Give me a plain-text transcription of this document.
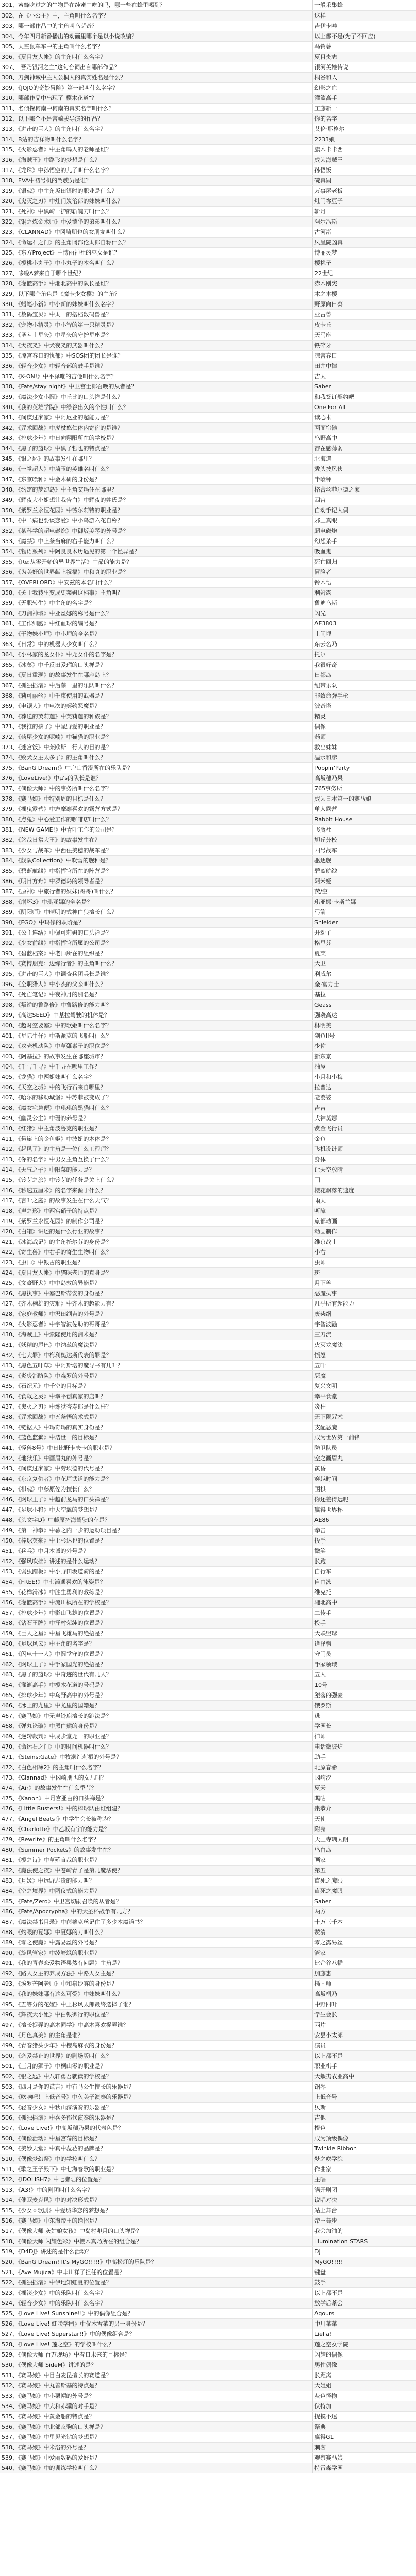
301、蜜蜂吃过之的生物是在纯蜜中吃的吗，哪一些在蜂里喝到？	一般采集蜂
302、在《小公主》中，主角叫什么名字？	这样
303、哪一部作品中的主角叫乌萨奇？	吉伊卡哇
304、今年四月新番播出的动画里哪个是以小说改编？	以上都不是(为了不回应)
305、天竺鼠车车中的主角叫什么名字？	马铃薯
306、《夏目友人帐》的主角叫什么名字？	夏目贵志
307、"吾乃银河之主"这句台词出自哪部作品？	银河英雄传说
308、刀剑神域中主人公桐人的真实姓名是什么？	桐谷和人
309、《JOJO的奇妙冒险》第一部叫什么名字？	幻影之血
310、哪部作品中出现了"樱木花道"？	灌篮高手
311、名侦探柯南中柯南的真实名字叫什么？	工藤新一
312、以下哪个不是宫崎骏导演的作品？	你的名字
313、《进击的巨人》的主角叫什么名字？	艾伦·耶格尔
314、B站的吉祥物叫什么名字？	2233娘
315、《火影忍者》中主角鸣人的老师是谁？	旗木卡卡西
316、《海贼王》中路飞的梦想是什么？	成为海贼王
317、《龙珠》中孙悟空的儿子叫什么名字？	孙悟饭
318、EVA中初号机的驾驶员是谁？	碇真嗣
319、《银魂》中主角坂田银时的职业是什么？	万事屋老板
320、《鬼灭之刃》中灶门炭治郎的妹妹叫什么？	灶门祢豆子
321、《死神》中黑崎一护的斩魄刀叫什么？	斩月
322、《钢之炼金术师》中爱德华的弟弟叫什么？	阿尔冯斯
323、《CLANNAD》中冈崎朋也的女朋友叫什么？	古河渚
324、《命运石之门》的主角冈部伦太郎自称什么？	凤凰院凶真
325、《东方Project》中博丽神社的巫女是谁？	博丽灵梦
326、《樱桃小丸子》中小丸子的本名叫什么？	樱桃子
327、哆啦A梦来自于哪个世纪？	22世纪
328、《灌篮高手》中湘北高中的队长是谁？	赤木刚宪
329、以下哪个角色是《魔卡少女樱》的主角？	木之本樱
330、《蜡笔小新》中小新的妹妹叫什么名字？	野原向日葵
331、《数码宝贝》中太一的搭档数码兽是？	亚古兽
332、《宠物小精灵》中小智的第一只精灵是？	皮卡丘
333、《圣斗士星矢》中星矢的守护星座是？	天马座
334、《犬夜叉》中犬夜叉的武器叫什么？	铁碎牙
335、《凉宫春日的忧郁》中SOS团的团长是谁？	凉宫春日
336、《轻音少女》中轻音部的鼓手是谁？	田井中律
337、《K-ON!》中平泽唯的吉他叫什么名字？	吉太
338、《Fate/stay night》中卫宫士郎召唤的从者是？	Saber
339、《魔法少女小圆》中丘比的口头禅是什么？	和我签订契约吧
340、《我的英雄学院》中绿谷出久的个性叫什么？	One For All
341、《间谍过家家》中阿尼亚的超能力是？	读心术
342、《咒术回战》中虎杖悠仁体内寄宿的是谁？	两面宿傩
343、《排球少年》中日向翔阳所在的学校是？	乌野高中
344、《黑子的篮球》中黑子哲也的特点是？	存在感薄弱
345、《银之匙》的故事发生在哪里？	北海道
346、《一拳超人》中埼玉的英雄名叫什么？	秃头披风侠
347、《东京喰种》中金木研的身份是？	半喰种
348、《约定的梦幻岛》中主角艾玛住在哪里？	格蕾丝菲尔德之家
349、《辉夜大小姐想让我告白》中辉夜的姓氏是？	四宫
350、《紫罗兰永恒花园》中薇尔莉特的职业是？	自动手记人偶
351、《中二病也要谈恋爱》中小鸟游六花自称？	邪王真眼
352、《某科学的超电磁炮》中御坂美琴的外号是？	超电磁炮
353、《魔禁》中上条当麻的右手能力叫什么？	幻想杀手
354、《物语系列》中阿良良木历遇见的第一个怪异是？	吸血鬼
355、《Re:从零开始的异世界生活》中昴的能力是？	死亡回归
356、《为美好的世界献上祝福》中和真的职业是？	冒险者
357、《OVERLORD》中安兹的本名叫什么？	铃木悟
358、《关于我转生变成史莱姆这档事》主角叫？	利姆露
359、《无职转生》中主角的名字是？	鲁迪乌斯
360、《刀剑神域》中亚丝娜的称号是什么？	闪光
361、《工作细胞》中红血球的编号是？	AE3803
362、《干物妹小埋》中小埋的全名是？	土间埋
363、《日常》中的机器人少女叫什么？	东云名乃
364、《小林家的龙女仆》中龙女仆的名字是？	托尔
365、《冰菓》中千反田爱瑠的口头禅是？	我很好奇
366、《夏日重现》的故事发生在哪座岛上？	日都岛
367、《孤独摇滚》中后藤一里的乐队叫什么？	纽带乐队
368、《莉可丽丝》中千束使用的武器是？	非致命弹手枪
369、《电锯人》中电次的契约恶魔是？	波奇塔
370、《葬送的芙莉莲》中芙莉莲的种族是？	精灵
371、《我推的孩子》中星野爱的职业是？	偶像
372、《药屋少女的呢喃》中猫猫的职业是？	药师
373、《迷宫饭》中莱欧斯一行人的目的是？	救出妹妹
374、《败犬女主太多了》的主角叫什么？	温水和彦
375、《BanG Dream!》中户山香澄所在的乐队是？	Poppin'Party
376、《LoveLive!》中μ's的队长是谁？	高坂穗乃果
377、《偶像大师》中的事务所叫什么名字？	765事务所
378、《赛马娘》中特别周的目标是什么？	成为日本第一的赛马娘
379、《摇曳露营》中志摩凛喜欢的露营方式是？	单人露营
380、《点兔》中心爱工作的咖啡店叫什么？	Rabbit House
381、《NEW GAME!》中青叶工作的公司是？	飞鹰社
382、《悠哉日常大王》的故事发生在？	旭丘分校
383、《少女与战车》中西住美穗的战车是？	四号战车
384、《舰队Collection》中吹雪的舰种是？	驱逐舰
385、《碧蓝航线》中指挥官所在的阵营是？	碧蓝航线
386、《明日方舟》中罗德岛的领导者是？	阿米娅
387、《原神》中旅行者的妹妹(哥哥)叫什么？	荧/空
388、《崩坏3》中琪亚娜的全名是？	琪亚娜·卡斯兰娜
389、《阴阳师》中晴明的式神白狼擅长什么？	弓箭
390、《FGO》中玛修的职阶是？	Shielder
391、《公主连结》中佩可莉姆的口头禅是？	开动了
392、《少女前线》中指挥官所属的公司是？	格里芬
393、《碧蓝档案》中老师所在的组织是？	夏莱
394、《赛博朋克：边缘行者》的主角叫什么？	大卫
395、《进击的巨人》中调查兵团兵长是谁？	利威尔
396、《全职猎人》中小杰的父亲叫什么？	金·富力士
397、《死亡笔记》中夜神月的别名是？	基拉
398、《叛逆的鲁路修》中鲁路修的能力叫？	Geass
399、《高达SEED》中基拉驾驶的机体是？	强袭高达
400、《超时空要塞》中的歌姬叫什么名字？	林明美
401、《星际牛仔》中斯派克的飞船叫什么？	剑鱼II号
402、《攻壳机动队》中草薙素子的职位是？	少佐
403、《阿基拉》的故事发生在哪座城市？	新东京
404、《千与千寻》中千寻在哪里工作？	油屋
405、《龙猫》中两姐妹叫什么名字？	小月和小梅
406、《天空之城》中的飞行石来自哪里？	拉普达
407、《哈尔的移动城堡》中苏菲被变成了？	老婆婆
408、《魔女宅急便》中琪琪的黑猫叫什么？	吉吉
409、《幽灵公主》中珊的养母是？	犬神莫娜
410、《红猪》中主角波鲁克的职业是？	赏金飞行员
411、《悬崖上的金鱼姬》中波妞的本体是？	金鱼
412、《起风了》的主角是一位什么工程师？	飞机设计师
413、《你的名字》中男女主角互换了什么？	身体
414、《天气之子》中阳菜的能力是？	让天空放晴
415、《铃芽之旅》中铃芽的任务是关上什么？	门
416、《秒速五厘米》的名字来源于什么？	樱花飘落的速度
417、《言叶之庭》的故事发生在什么天气？	雨天
418、《声之形》中西宫硝子的特点是？	听障
419、《紫罗兰永恒花园》的制作公司是？	京都动画
420、《白箱》讲述的是什么行业的故事？	动画制作
421、《冰海战记》的主角托尔芬的身份是？	维京战士
422、《寄生兽》中右手的寄生生物叫什么？	小右
423、《虫师》中银古的职业是？	虫师
424、《夏目友人帐》中猫咪老师的真身是？	斑
425、《文豪野犬》中中岛敦的异能是？	月下兽
426、《黑执事》中塞巴斯蒂安的身份是？	恶魔执事
427、《齐木楠雄的灾难》中齐木的超能力有？	几乎所有超能力
428、《家庭教师》中沢田纲吉的外号是？	废柴纲
429、《火影忍者》中宇智波佐助的哥哥是？	宇智波鼬
430、《海贼王》中索隆使用的剑术是？	三刀流
431、《妖精的尾巴》中纳兹的魔法是？	火灭龙魔法
432、《七大罪》中梅利奥达斯代表的罪是？	愤怒
433、《黑色五叶草》中阿斯塔的魔导书有几叶？	五叶
434、《炎炎消防队》中森罗的外号是？	恶魔
435、《石纪元》中千空的目标是？	复兴文明
436、《食戟之灵》中幸平创真家的店叫？	幸平食堂
437、《鬼灭之刃》中炼狱杏寿郎是什么柱？	炎柱
438、《咒术回战》中五条悟的术式是？	无下限咒术
439、《链锯人》中玛奇玛的真实身份是？	支配恶魔
440、《蓝色监狱》中洁世一的目标是？	成为世界第一前锋
441、《怪兽8号》中日比野卡夫卡的职业是？	防卫队员
442、《地狱乐》中画眉丸的外号是？	空之画眉丸
443、《间谍过家家》中劳埃德的代号是？	黄昏
444、《东京复仇者》中花垣武道的能力是？	穿越时间
445、《棋魂》中藤原佐为擅长什么？	围棋
446、《网球王子》中越前龙马的口头禅是？	你还差得远呢
447、《足球小将》中大空翼的梦想是？	赢得世界杯
448、《头文字D》中藤原拓海驾驶的车是？	AE86
449、《第一神拳》中幕之内一步的运动项目是？	拳击
450、《棒球英豪》中上杉达也的位置是？	投手
451、《乒乓》中月本诚的外号是？	微笑
452、《强风吹拂》讲述的是什么运动？	长跑
453、《弱虫踏板》中小野田坂道骑的是？	自行车
454、《FREE!》中七濑遥喜欢的泳姿是？	自由泳
455、《花样滑冰》中胜生勇利的教练是？	维克托
456、《灌篮高手》中流川枫所在的学校是？	湘北高中
457、《排球少年》中影山飞雄的位置是？	二传手
458、《钻石王牌》中泽村荣纯的位置是？	投手
459、《巨人之星》中星飞雄马的绝招是？	大联盟球
460、《足球风云》中主角的名字是？	逢泽驹
461、《闪电十一人》中圆堂守的位置是？	守门员
462、《网球王子》中手冢国光的绝招是？	手冢领域
463、《黑子的篮球》中奇迹的世代有几人？	五人
464、《灌篮高手》中樱木花道的号码是？	10号
465、《排球少年》中乌野高中的外号是？	堕落的强豪
466、《冰上的尤里》中尤里的国籍是？	俄罗斯
467、《赛马娘》中无声铃鹿擅长的跑法是？	逃
468、《弹丸论破》中黑白熊的身份是？	学园长
469、《逆转裁判》中成步堂龙一的职业是？	律师
470、《命运石之门》中的时间机器叫什么？	电话微波炉
471、《Steins;Gate》中牧濑红莉栖的外号是？	助手
472、《白色相簿2》的主角叫什么名字？	北原春希
473、《Clannad》中冈崎朋也的女儿叫？	冈崎汐
474、《Air》的故事发生在什么季节？	夏天
475、《Kanon》中月宫亚由的口头禅是？	呜咕
476、《Little Busters!》中的棒球队由谁组建？	棗恭介
477、《Angel Beats!》中学生会长被称为？	天使
478、《Charlotte》中乙坂有宇的能力是？	附身
479、《Rewrite》的主角叫什么名字？	天王寺瑚太朗
480、《Summer Pockets》的故事发生在？	鸟白岛
481、《樱之诗》中草薙直哉的职业是？	画家
482、《魔法使之夜》中苍崎青子是第几魔法使？	第五
483、《月姬》中远野志贵的能力叫？	直死之魔眼
484、《空之境界》中两仪式的能力是？	直死之魔眼
485、《Fate/Zero》中卫宫切嗣召唤的从者是？	Saber
486、《Fate/Apocrypha》中的大圣杯战争有几方？	两方
487、《魔法禁书目录》中茵蒂克丝记住了多少本魔道书？	十万三千本
488、《灼眼的夏娜》中夏娜的刀叫什么？	赞清
489、《零之使魔》中露易丝的外号是？	零之露易丝
490、《旋风管家》中绫崎飒的职业是？	管家
491、《我的青春恋爱物语果然有问题》主角是？	比企谷八幡
492、《路人女主的养成方法》中路人女主是？	加藤惠
493、《埃罗芒阿老师》中和泉纱雾的身份是？	插画师
494、《我的妹妹哪有这么可爱》中妹妹叫什么？	高坂桐乃
495、《五等分的花嫁》中上杉风太郎最终选择了谁？	中野四叶
496、《辉夜大小姐》中白银御行的职位是？	学生会长
497、《擅长捉弄的高木同学》中高木喜欢捉弄谁？	西片
498、《月色真美》的主角是谁？	安昙小太郎
499、《青春猪头少年》中樱岛麻衣的身份是？	演员
500、《恋爱禁止的世界》的剧场版叫什么？	以上都不是
501、《三月的狮子》中桐山零的职业是？	职业棋手
502、《银之匙》中八轩勇吾就读的学校是？	大蝦夷农业高中
503、《四月是你的谎言》中有马公生擅长的乐器是？	钢琴
504、《吹响吧！上低音号》中久美子演奏的乐器是？	上低音号
505、《轻音少女》中秋山澪演奏的乐器是？	贝斯
506、《孤独摇滚》中喜多郁代演奏的乐器是？	吉他
507、《Love Live!》中高坂穗乃果的代表色是？	橙色
508、《偶像活动》中星宫莓的目标是？	成为顶级偶像
509、《美妙天堂》中真中菈菈的品牌是？	Twinkle Ribbon
510、《偶像梦幻祭》中的学校叫什么？	梦之咲学院
511、《歌之王子殿下》中七海春歌的职业是？	作曲家
512、《IDOLiSH7》中七濑陆的位置是？	主唱
513、《A3!》中的剧团叫什么名字？	满开剧团
514、《催眠麦克风》中的对决形式是？	说唱对决
515、《少女☆歌剧》中爱城华恋的梦想是？	站上舞台
516、《赛马娘》中东海帝王的绝招是？	帝王舞步
517、《偶像大师 灰姑娘女孩》中岛村卯月的口头禅是？	我会加油的
518、《偶像大师 闪耀色彩》中樱木真乃所在的组合是？	illumination STARS
519、《D4DJ》讲述的是什么活动？	DJ
520、《BanG Dream! It's MyGO!!!!!》中高松灯的乐队是？	MyGO!!!!!
521、《Ave Mujica》中丰川祥子担任的位置是？	键盘
522、《孤独摇滚》中伊地知虹夏的位置是？	鼓手
523、《摇滚少女》中的乐队叫什么名字？	以上都不是
524、《轻音少女》中的乐队叫什么名字？	放学后茶会
525、《Love Live! Sunshine!!》中的偶像组合是？	Aqours
526、《Love Live! 虹咲学园》中优木雪菜的另一身份是？	中川菜菜
527、《Love Live! Superstar!!》中的偶像组合是？	Liella!
528、《Love Live! 莲之空》的学校叫什么？	莲之空女学院
529、《偶像大师 百万现场》中春日未来的目标是？	闪耀的偶像
530、《偶像大师 SideM》讲述的是？	男性偶像
531、《赛马娘》中目白麦昆擅长的赛道是？	长距离
532、《赛马娘》中丸善斯基的特点是？	大姐姐
533、《赛马娘》中小栗帽的外号是？	灰色怪物
534、《赛马娘》中大和赤骥的对手是？	伏特加
535、《赛马娘》中黄金船的特点是？	捉摸不透
536、《赛马娘》中北部玄驹的口头禅是？	祭典
537、《赛马娘》中里见光钻的梦想是？	赢得G1
538、《赛马娘》中米浴的外号是？	刺客
539、《赛马娘》中爱丽数码的爱好是？	观察赛马娘
540、《赛马娘》中的训练学校叫什么？	特雷森学园
